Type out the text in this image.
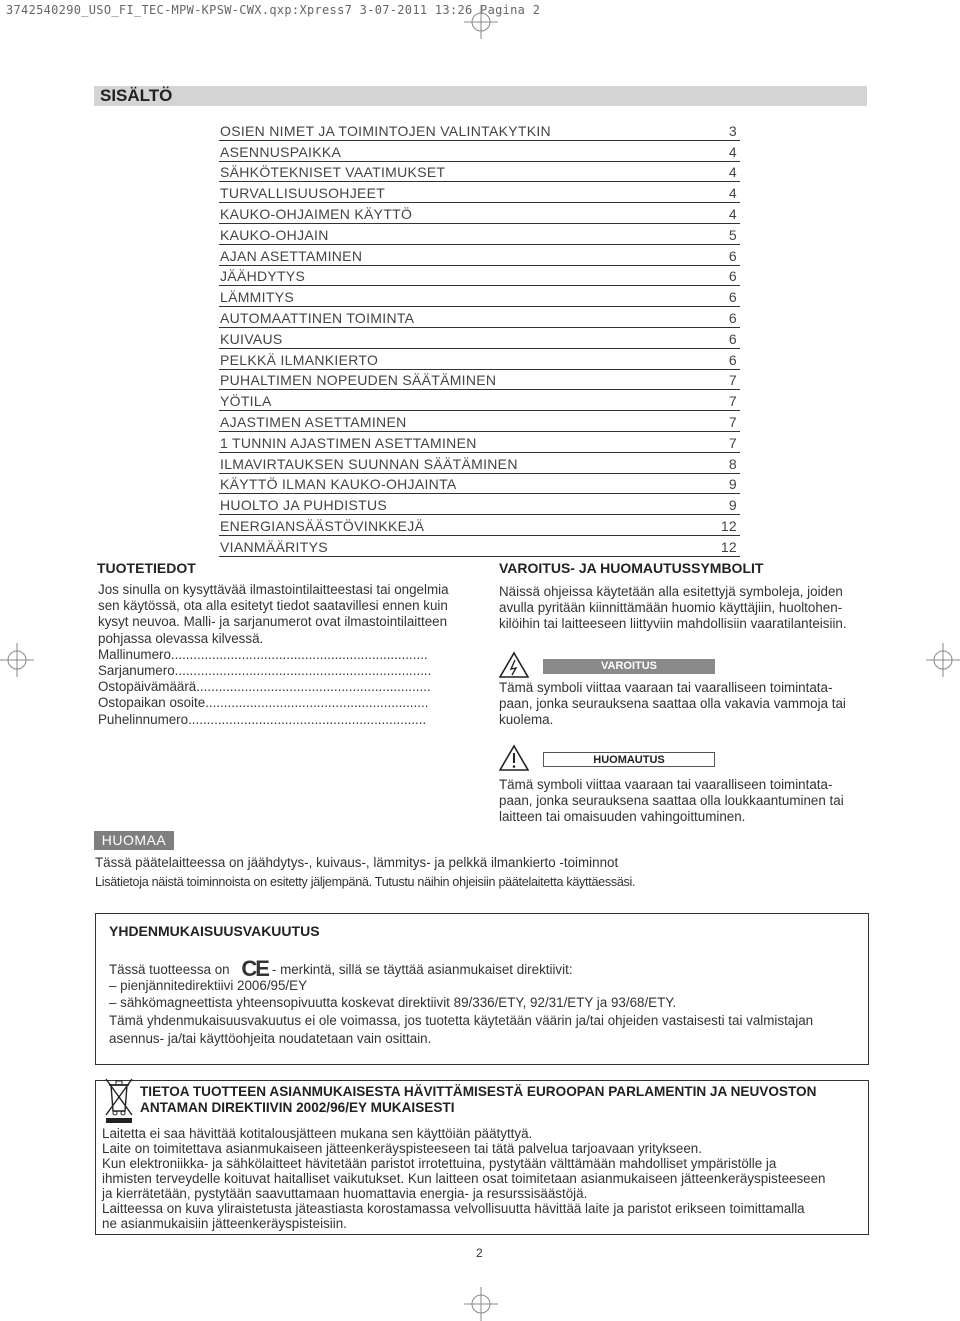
3742540290_USO_FI_TEC-MPW-KPSW-CWX.qxp:Xpress7 3-07-2011 13:26 Pagina 2
SISÄLTÖ
OSIEN NIMET JA TOIMINTOJEN VALINTAKYTKIN	3
ASENNUSPAIKKA	4
SÄHKÖTEKNISET VAATIMUKSET	4
TURVALLISUUSOHJEET	4
KAUKO-OHJAIMEN KÄYTTÖ	4
KAUKO-OHJAIN	5
AJAN ASETTAMINEN	6
JÄÄHDYTYS	6
LÄMMITYS	6
AUTOMAATTINEN TOIMINTA	6
KUIVAUS	6
PELKKÄ ILMANKIERTO	6
PUHALTIMEN NOPEUDEN SÄÄTÄMINEN	7
YÖTILA	7
AJASTIMEN ASETTAMINEN	7
1 TUNNIN AJASTIMEN ASETTAMINEN	7
ILMAVIRTAUKSEN SUUNNAN SÄÄTÄMINEN	8
KÄYTTÖ ILMAN KAUKO-OHJAINTA	9
HUOLTO JA PUHDISTUS	9
ENERGIANSÄÄSTÖVINKKEJÄ	12
VIANMÄÄRITYS	12
TUOTETIEDOT
Jos sinulla on kysyttävää ilmastointilaitteestasi tai ongelmia
sen käytössä, ota alla esitetyt tiedot saatavillesi ennen kuin
kysyt neuvoa. Malli- ja sarjanumerot ovat ilmastointilaitteen
pohjassa olevassa kilvessä.
Mallinumero.....................................................................
Sarjanumero.....................................................................
Ostopäivämäärä...............................................................
Ostopaikan osoite............................................................
Puhelinnumero................................................................
VAROITUS- JA HUOMAUTUSSYMBOLIT
Näissä ohjeissa käytetään alla esitettyjä symboleja, joiden
avulla pyritään kiinnittämään huomio käyttäjiin, huoltohen-
kilöihin tai laitteeseen liittyviin mahdollisiin vaaratilanteisiin.
VAROITUS
Tämä symboli viittaa vaaraan tai vaaralliseen toimintata-
paan, jonka seurauksena saattaa olla vakavia vammoja tai
kuolema.
HUOMAUTUS
Tämä symboli viittaa vaaraan tai vaaralliseen toimintata-
paan, jonka seurauksena saattaa olla loukkaantuminen tai
laitteen tai omaisuuden vahingoittuminen.
HUOMAA
Tässä päätelaitteessa on jäähdytys-, kuivaus-, lämmitys- ja pelkkä ilmankierto -toiminnot
Lisätietoja näistä toiminnoista on esitetty jäljempänä. Tutustu näihin ohjeisiin päätelaitetta käyttäessäsi.
YHDENMUKAISUUSVAKUUTUS
Tässä tuotteessa on CE - merkintä, sillä se täyttää asianmukaiset direktiivit:
– pienjännitedirektiivi 2006/95/EY
– sähkömagneettista yhteensopivuutta koskevat direktiivit 89/336/ETY, 92/31/ETY ja 93/68/ETY.
Tämä yhdenmukaisuusvakuutus ei ole voimassa, jos tuotetta käytetään väärin ja/tai ohjeiden vastaisesti tai valmistajan
asennus- ja/tai käyttöohjeita noudatetaan vain osittain.
TIETOA TUOTTEEN ASIANMUKAISESTA HÄVITTÄMISESTÄ EUROOPAN PARLAMENTIN JA NEUVOSTON
ANTAMAN DIREKTIIVIN 2002/96/EY MUKAISESTI
Laitetta ei saa hävittää kotitalousjätteen mukana sen käyttöiän päätyttyä.
Laite on toimitettava asianmukaiseen jätteenkeräyspisteeseen tai tätä palvelua tarjoavaan yritykseen.
Kun elektroniikka- ja sähkölaitteet hävitetään paristot irrotettuina, pystytään välttämään mahdolliset ympäristölle ja
ihmisten terveydelle koituvat haitalliset vaikutukset. Kun laitteen osat toimitetaan asianmukaiseen jätteenkeräyspisteeseen
ja kierrätetään, pystytään saavuttamaan huomattavia energia- ja resurssisäästöjä.
Laitteessa on kuva yliraistetusta jäteastiasta korostamassa velvollisuutta hävittää laite ja paristot erikseen toimittamalla
ne asianmukaisiin jätteenkeräyspisteisiin.
2
